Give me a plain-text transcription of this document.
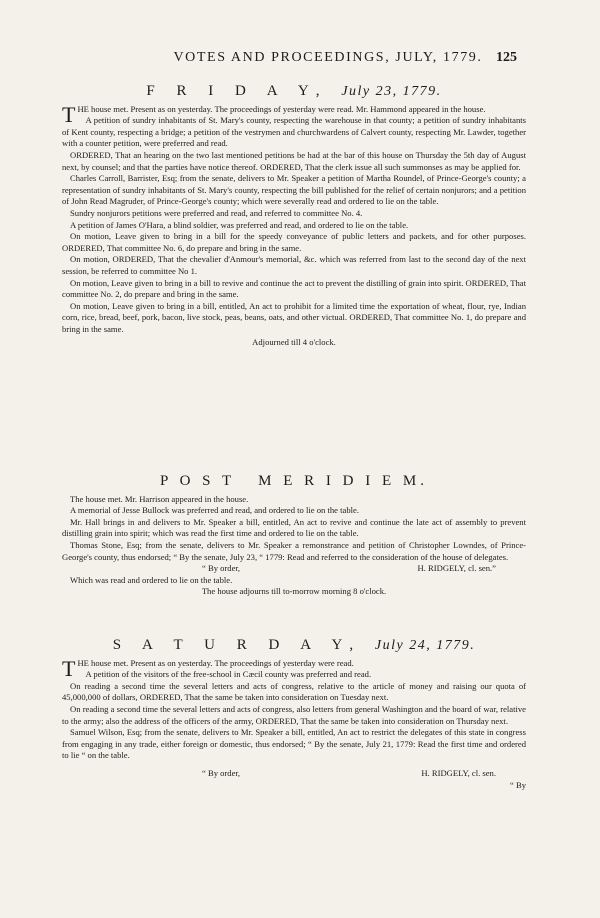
VOTES AND PROCEEDINGS, JULY, 1779. 125
F R I D A Y, July 23, 1779.

THE house met. Present as on yesterday. The proceedings of yesterday were read. Mr. Hammond appeared in the house.

A petition of sundry inhabitants of St. Mary's county, respecting the warehouse in that county; a petition of sundry inhabitants of Kent county, respecting a bridge; a petition of the vestrymen and churchwardens of Calvert county, respecting Mr. Lawder, together with a counter petition, were preferred and read.

ORDERED, That an hearing on the two last mentioned petitions be had at the bar of this house on Thursday the 5th day of August next, by counsel; and that the parties have notice thereof. ORDERED, That the clerk issue all such summonses as may be applied for.

Charles Carroll, Barrister, Esq; from the senate, delivers to Mr. Speaker a petition of Martha Roundel, of Prince-George's county; a representation of sundry inhabitants of St. Mary's county, respecting the bill published for the relief of certain nonjurors; and a petition of John Read Magruder, of Prince-George's county; which were severally read and ordered to lie on the table.

Sundry nonjurors petitions were preferred and read, and referred to committee No. 4.

A petition of James O'Hara, a blind soldier, was preferred and read, and ordered to lie on the table.

On motion, Leave given to bring in a bill for the speedy conveyance of public letters and packets, and for other purposes. ORDERED, That committee No. 6, do prepare and bring in the same.

On motion, ORDERED, That the chevalier d'Anmour's memorial, &c. which was referred from last to the second day of the next session, be referred to committee No 1.

On motion, Leave given to bring in a bill to revive and continue the act to prevent the distilling of grain into spirit. ORDERED, That committee No. 2, do prepare and bring in the same.

On motion, Leave given to bring in a bill, entitled, An act to prohibit for a limited time the exportation of wheat, flour, rye, Indian corn, rice, bread, beef, pork, bacon, live stock, peas, beans, oats, and other victual. ORDERED, That committee No. 1, do prepare and bring in the same.

Adjourned till 4 o'clock.

P O S T   M E R I D I E M.

The house met. Mr. Harrison appeared in the house.

A memorial of Jesse Bullock was preferred and read, and ordered to lie on the table.

Mr. Hall brings in and delivers to Mr. Speaker a bill, entitled, An act to revive and continue the late act of assembly to prevent distilling grain into spirit; which was read the first time and ordered to lie on the table.

Thomas Stone, Esq; from the senate, delivers to Mr. Speaker a remonstrance and petition of Christopher Lowndes, of Prince-George's county, thus endorsed; “ By the senate, July 23, “ 1779: Read and referred to the consideration of the house of delegates.

“ By order,	H. RIDGELY, cl. sen.”

Which was read and ordered to lie on the table.

The house adjourns till to-morrow morning 8 o'clock.

S A T U R D A Y, July 24, 1779.

THE house met. Present as on yesterday. The proceedings of yesterday were read.

A petition of the visitors of the free-school in Cæcil county was preferred and read.

On reading a second time the several letters and acts of congress, relative to the article of money and raising our quota of 45,000,000 of dollars, ORDERED, That the same be taken into consideration on Tuesday next.

On reading a second time the several letters and acts of congress, also letters from general Washington and the board of war, relative to the army; also the address of the officers of the army, ORDERED, That the same be taken into consideration on Thursday next.

Samuel Wilson, Esq; from the senate, delivers to Mr. Speaker a bill, entitled, An act to restrict the delegates of this state in congress from engaging in any trade, either foreign or domestic, thus endorsed; “ By the senate, July 21, 1779: Read the first time and ordered to lie “ on the table.

“ By order,	H. RIDGELY, cl. sen.

“ By
